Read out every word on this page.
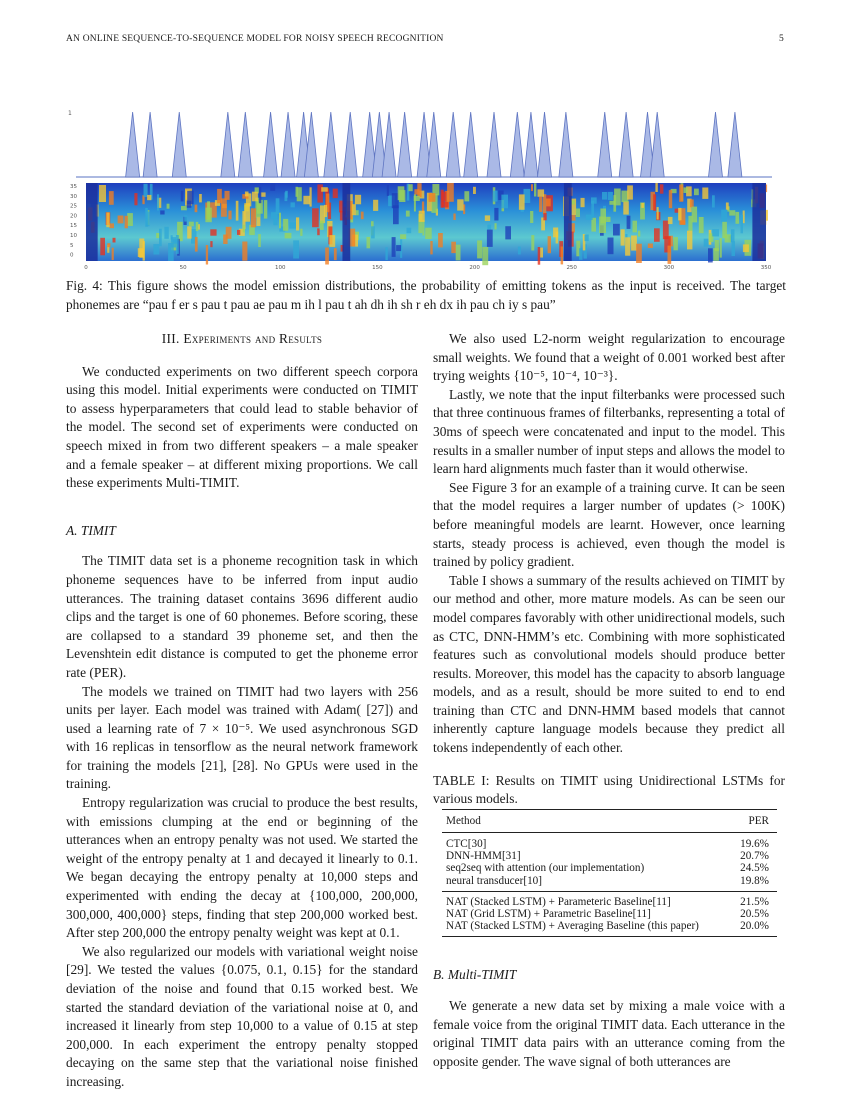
AN ONLINE SEQUENCE-TO-SEQUENCE MODEL FOR NOISY SPEECH RECOGNITION	5
1
35
30
25
20
15
10
5
0
0	50	100	150	200	250	300	350
Fig. 4: This figure shows the model emission distributions, the probability of emitting tokens as the input is received. The target phonemes are “pau f er s pau t pau ae pau m ih l pau t ah dh ih sh r eh dx ih pau ch iy s pau”
III. Experiments and Results

We conducted experiments on two different speech corpora using this model. Initial experiments were conducted on TIMIT to assess hyperparameters that could lead to stable behavior of the model. The second set of experiments were conducted on speech mixed in from two different speakers – a male speaker and a female speaker – at different mixing proportions. We call these experiments Multi-TIMIT.

A. TIMIT

The TIMIT data set is a phoneme recognition task in which phoneme sequences have to be inferred from input audio utterances. The training dataset contains 3696 different audio clips and the target is one of 60 phonemes. Before scoring, these are collapsed to a standard 39 phoneme set, and then the Levenshtein edit distance is computed to get the phoneme error rate (PER).

The models we trained on TIMIT had two layers with 256 units per layer. Each model was trained with Adam( [27]) and used a learning rate of 7 × 10⁻⁵. We used asynchronous SGD with 16 replicas in tensorflow as the neural network framework for training the models [21], [28]. No GPUs were used in the training.

Entropy regularization was crucial to produce the best results, with emissions clumping at the end or beginning of the utterances when an entropy penalty was not used. We started the weight of the entropy penalty at 1 and decayed it linearly to 0.1. We began decaying the entropy penalty at 10,000 steps and experimented with ending the decay at {100,000, 200,000, 300,000, 400,000} steps, finding that step 200,000 worked best. After step 200,000 the entropy penalty weight was kept at 0.1.

We also regularized our models with variational weight noise [29]. We tested the values {0.075, 0.1, 0.15} for the standard deviation of the noise and found that 0.15 worked best. We started the standard deviation of the variational noise at 0, and increased it linearly from step 10,000 to a value of 0.15 at step 200,000. In each experiment the entropy penalty stopped decaying on the same step that the variational noise finished increasing.

We also used L2-norm weight regularization to encourage small weights. We found that a weight of 0.001 worked best after trying weights {10⁻⁵, 10⁻⁴, 10⁻³}.

Lastly, we note that the input filterbanks were processed such that three continuous frames of filterbanks, representing a total of 30ms of speech were concatenated and input to the model. This results in a smaller number of input steps and allows the model to learn hard alignments much faster than it would otherwise.

See Figure 3 for an example of a training curve. It can be seen that the model requires a larger number of updates (> 100K) before meaningful models are learnt. However, once learning starts, steady process is achieved, even though the model is trained by policy gradient.

Table I shows a summary of the results achieved on TIMIT by our method and other, more mature models. As can be seen our model compares favorably with other unidirectional models, such as CTC, DNN-HMM’s etc. Combining with more sophisticated features such as convolutional models should produce better results. Moreover, this model has the capacity to absorb language models, and as a result, should be more suited to end to end training than CTC and DNN-HMM based models that cannot inherently capture language models because they predict all tokens independently of each other.

TABLE I: Results on TIMIT using Unidirectional LSTMs for various models.

Method	PER
CTC[30]	19.6%
DNN-HMM[31]	20.7%
seq2seq with attention (our implementation)	24.5%
neural transducer[10]	19.8%
NAT (Stacked LSTM) + Parameteric Baseline[11]	21.5%
NAT (Grid LSTM) + Parametric Baseline[11]	20.5%
NAT (Stacked LSTM) + Averaging Baseline (this paper)	20.0%
B. Multi-TIMIT

We generate a new data set by mixing a male voice with a female voice from the original TIMIT data. Each utterance in the original TIMIT data pairs with an utterance coming from the opposite gender. The wave signal of both utterances are
